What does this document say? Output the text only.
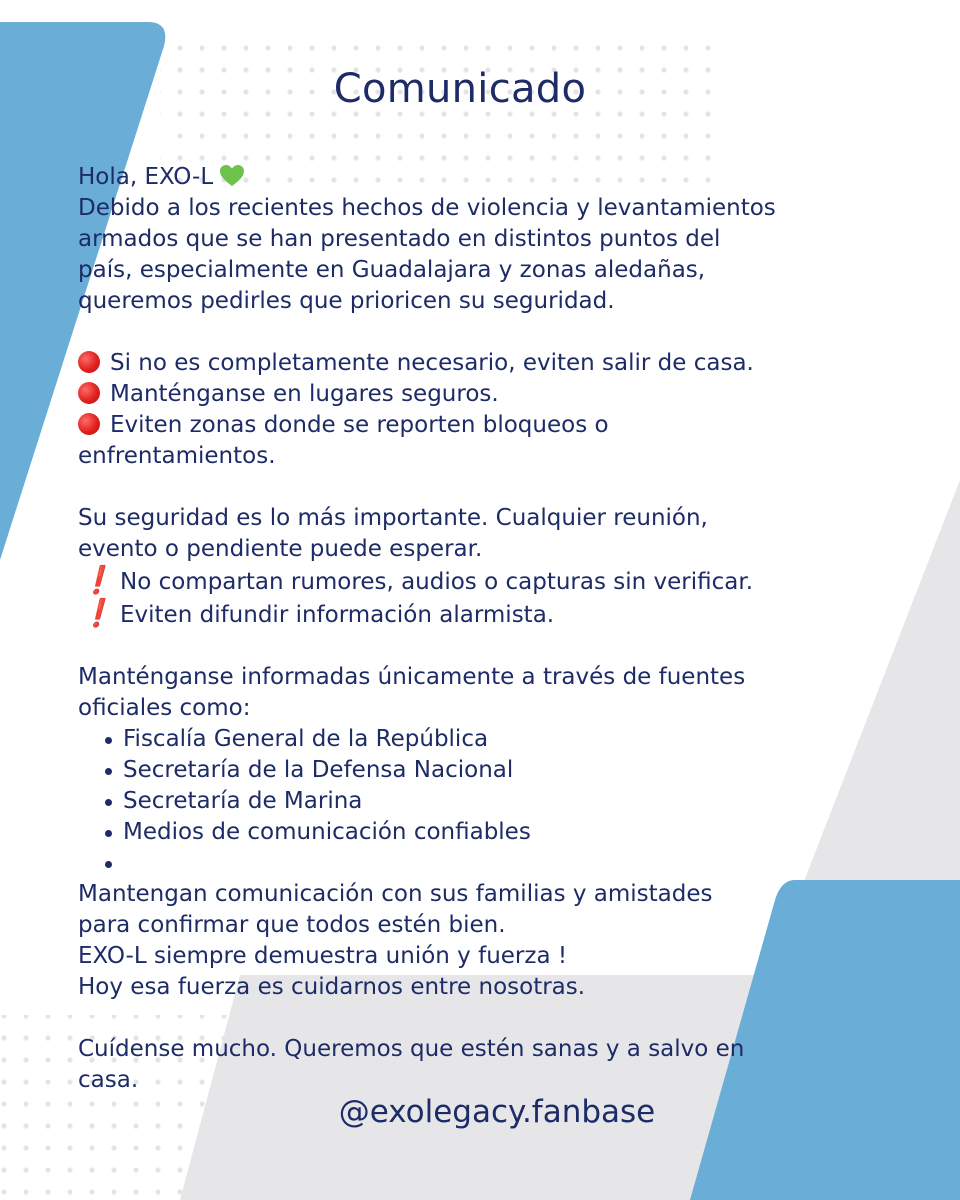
Comunicado
Hola, EXO-L
Debido a los recientes hechos de violencia y levantamientos
armados que se han presentado en distintos puntos del
país, especialmente en Guadalajara y zonas aledañas,
queremos pedirles que prioricen su seguridad.
Si no es completamente necesario, eviten salir de casa.
Manténganse en lugares seguros.
Eviten zonas donde se reporten bloqueos o
enfrentamientos.
Su seguridad es lo más importante. Cualquier reunión,
evento o pendiente puede esperar.
❗ No compartan rumores, audios o capturas sin verificar.
❗ Eviten difundir información alarmista.
Manténganse informadas únicamente a través de fuentes
oficiales como:
Fiscalía General de la República
Secretaría de la Defensa Nacional
Secretaría de Marina
Medios de comunicación confiables
Mantengan comunicación con sus familias y amistades
para confirmar que todos estén bien.
EXO-L siempre demuestra unión y fuerza !
Hoy esa fuerza es cuidarnos entre nosotras.
Cuídense mucho. Queremos que estén sanas y a salvo en
casa.
@exolegacy.fanbase
